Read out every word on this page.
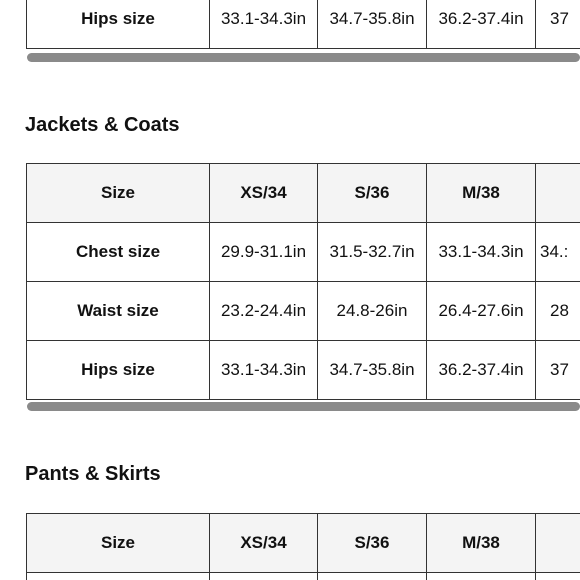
Hips size	33.1-34.3in	34.7-35.8in	36.2-37.4in	37
Jackets & Coats
Size	XS/34	S/36	M/38	
Chest size	29.9-31.1in	31.5-32.7in	33.1-34.3in	34.:
Waist size	23.2-24.4in	24.8-26in	26.4-27.6in	28
Hips size	33.1-34.3in	34.7-35.8in	36.2-37.4in	37
Pants & Skirts
Size	XS/34	S/36	M/38	
